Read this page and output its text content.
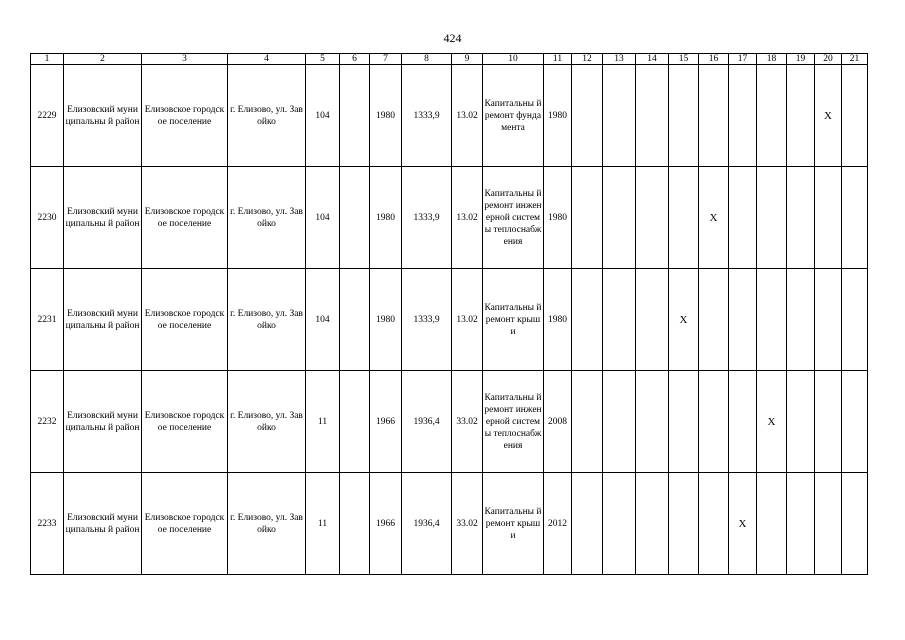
424
1	2	3	4	5	6	7	8	9	10	11	12	13	14	15	16	17	18	19	20	21
2229	Елизовский муниципальны й район	Елизовское городское поселение	г. Елизово, ул. Завойко	104		1980	1333,9	13.02	Капитальны й ремонт фундамента	1980									X	
2230	Елизовский муниципальны й район	Елизовское городское поселение	г. Елизово, ул. Завойко	104		1980	1333,9	13.02	Капитальны й ремонт инженерной системы теплоснабж ения	1980					X					
2231	Елизовский муниципальны й район	Елизовское городское поселение	г. Елизово, ул. Завойко	104		1980	1333,9	13.02	Капитальны й ремонт крыши	1980				X						
2232	Елизовский муниципальны й район	Елизовское городское поселение	г. Елизово, ул. Завойко	11		1966	1936,4	33.02	Капитальны й ремонт инженерной системы теплоснабж ения	2008							X			
2233	Елизовский муниципальны й район	Елизовское городское поселение	г. Елизово, ул. Завойко	11		1966	1936,4	33.02	Капитальны й ремонт крыши	2012						X				
